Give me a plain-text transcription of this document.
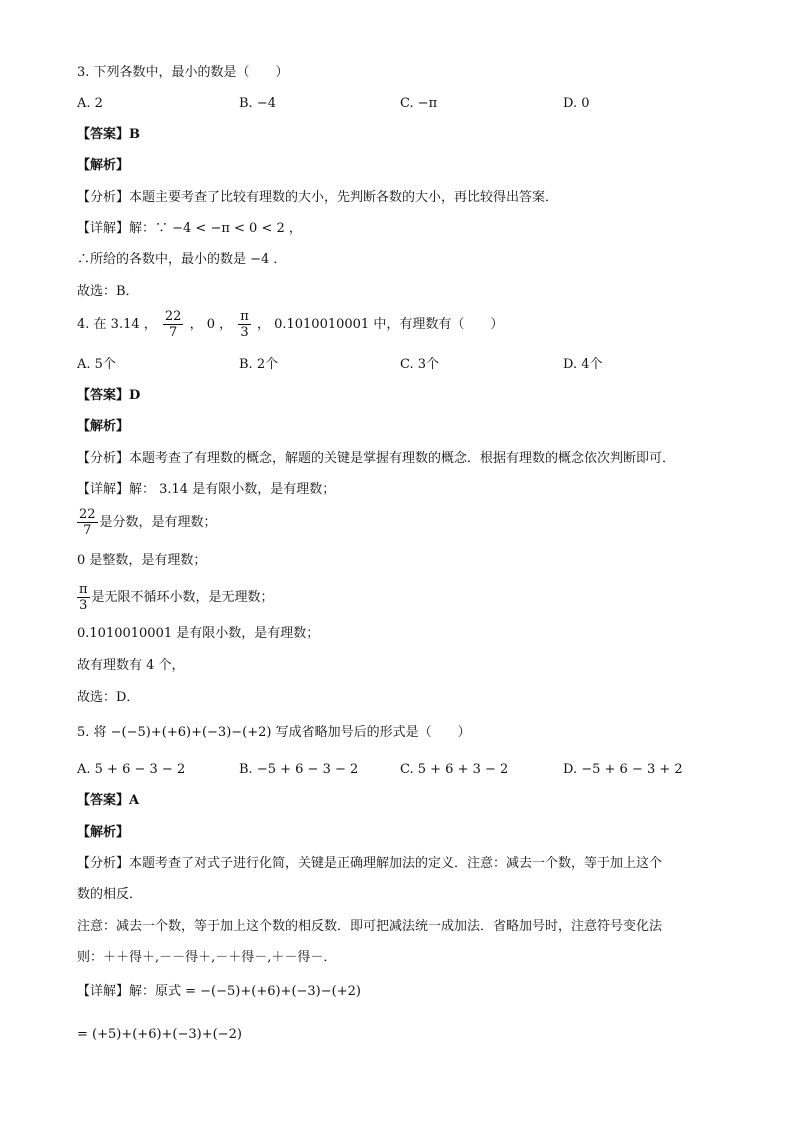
3. 下列各数中，最小的数是（　　）
A. 2	B. −4	C. −π	D. 0
【答案】B
【解析】
【分析】本题主要考查了比较有理数的大小，先判断各数的大小，再比较得出答案．
【详解】解：∵ −4 < −π < 0 < 2 ，
∴所给的各数中，最小的数是 −4 ．
故选：B．
4. 在 3.14 ， $\frac{22}{7}$ ， 0 ， $\frac{\pi}{3}$ ， 0.1010010001 中，有理数有（　　）
A. 5个	B. 2个	C. 3个	D. 4个
【答案】D
【解析】
【分析】本题考查了有理数的概念，解题的关键是掌握有理数的概念．根据有理数的概念依次判断即可．
【详解】解： 3.14 是有限小数，是有理数；
$\frac{22}{7}$ 是分数，是有理数；
0 是整数，是有理数；
$\frac{\pi}{3}$ 是无限不循环小数，是无理数；
0.1010010001 是有限小数，是有理数；
故有理数有 4 个，
故选：D．
5. 将 −(−5)+(+6)+(−3)−(+2) 写成省略加号后的形式是（　　）
A. 5 + 6 − 3 − 2	B. −5 + 6 − 3 − 2	C. 5 + 6 + 3 − 2	D. −5 + 6 − 3 + 2
【答案】A
【解析】
【分析】本题考查了对式子进行化简，关键是正确理解加法的定义．注意：减去一个数，等于加上这个
数的相反．
注意：减去一个数，等于加上这个数的相反数．即可把减法统一成加法．省略加号时，注意符号变化法
则：＋＋得＋,－－得＋,－＋得－,＋－得－．
【详解】解：原式 = −(−5)+(+6)+(−3)−(+2)
= (+5)+(+6)+(−3)+(−2)
